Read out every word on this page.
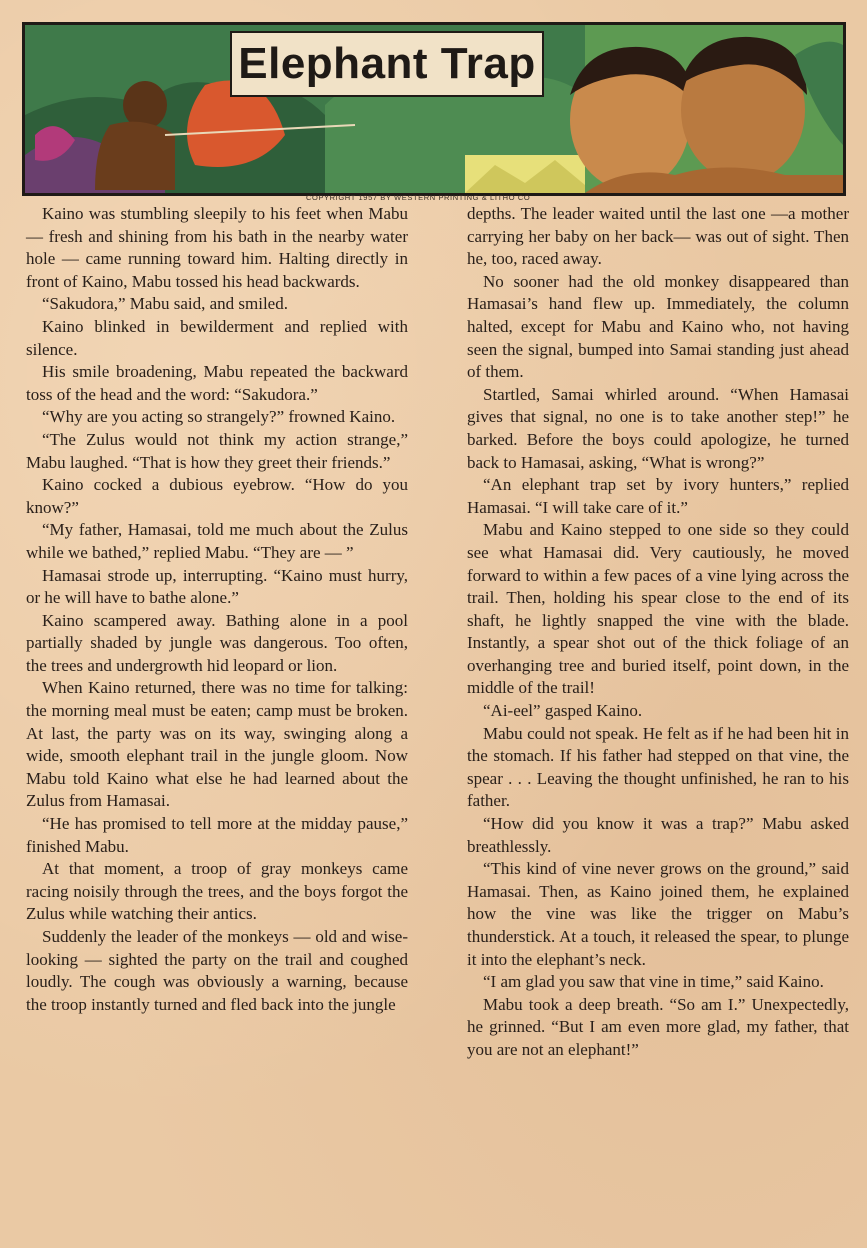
Elephant Trap
COPYRIGHT 1957 BY WESTERN PRINTING & LITHO CO

Kaino was stumbling sleepily to his feet when Mabu — fresh and shining from his bath in the nearby water hole — came running toward him. Halting directly in front of Kaino, Mabu tossed his head backwards.

“Sakudora,” Mabu said, and smiled.

Kaino blinked in bewilderment and replied with silence.

His smile broadening, Mabu repeated the backward toss of the head and the word: “Sakudora.”

“Why are you acting so strangely?” frowned Kaino.

“The Zulus would not think my action strange,” Mabu laughed. “That is how they greet their friends.”

Kaino cocked a dubious eyebrow. “How do you know?”

“My father, Hamasai, told me much about the Zulus while we bathed,” replied Mabu. “They are — ”

Hamasai strode up, interrupting. “Kaino must hurry, or he will have to bathe alone.”

Kaino scampered away. Bathing alone in a pool partially shaded by jungle was dangerous. Too often, the trees and undergrowth hid leopard or lion.

When Kaino returned, there was no time for talking: the morning meal must be eaten; camp must be broken. At last, the party was on its way, swinging along a wide, smooth elephant trail in the jungle gloom. Now Mabu told Kaino what else he had learned about the Zulus from Hamasai.

“He has promised to tell more at the midday pause,” finished Mabu.

At that moment, a troop of gray monkeys came racing noisily through the trees, and the boys forgot the Zulus while watching their antics.

Suddenly the leader of the monkeys — old and wise-looking — sighted the party on the trail and coughed loudly. The cough was obviously a warning, because the troop instantly turned and fled back into the jungle

depths. The leader waited until the last one —a mother carrying her baby on her back— was out of sight. Then he, too, raced away.

No sooner had the old monkey disappeared than Hamasai’s hand flew up. Immediately, the column halted, except for Mabu and Kaino who, not having seen the signal, bumped into Samai standing just ahead of them.

Startled, Samai whirled around. “When Hamasai gives that signal, no one is to take another step!” he barked. Before the boys could apologize, he turned back to Hamasai, asking, “What is wrong?”

“An elephant trap set by ivory hunters,” replied Hamasai. “I will take care of it.”

Mabu and Kaino stepped to one side so they could see what Hamasai did. Very cautiously, he moved forward to within a few paces of a vine lying across the trail. Then, holding his spear close to the end of its shaft, he lightly snapped the vine with the blade. Instantly, a spear shot out of the thick foliage of an overhanging tree and buried itself, point down, in the middle of the trail!

“Ai-eel” gasped Kaino.

Mabu could not speak. He felt as if he had been hit in the stomach. If his father had stepped on that vine, the spear . . . Leaving the thought unfinished, he ran to his father.

“How did you know it was a trap?” Mabu asked breathlessly.

“This kind of vine never grows on the ground,” said Hamasai. Then, as Kaino joined them, he explained how the vine was like the trigger on Mabu’s thunderstick. At a touch, it released the spear, to plunge it into the elephant’s neck.

“I am glad you saw that vine in time,” said Kaino.

Mabu took a deep breath. “So am I.” Unexpectedly, he grinned. “But I am even more glad, my father, that you are not an elephant!”
